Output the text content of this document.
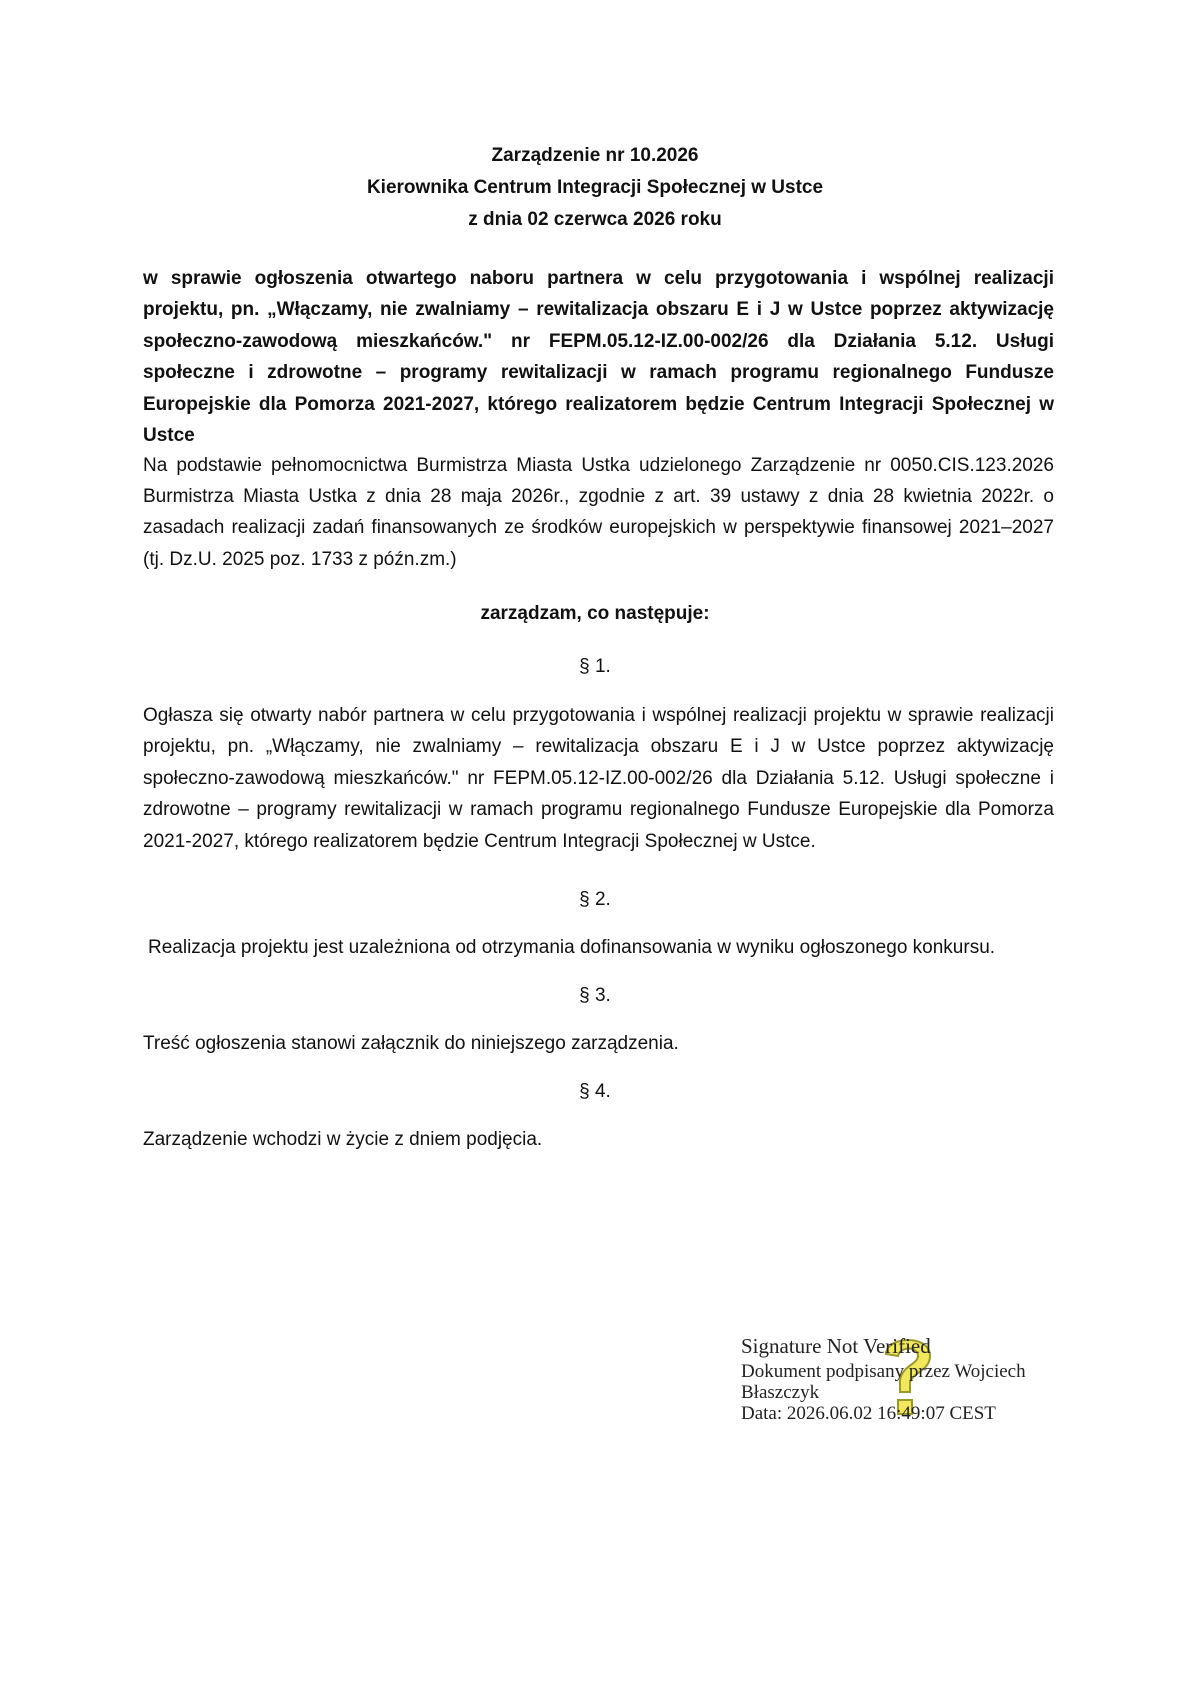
Zarządzenie nr 10.2026
Kierownika Centrum Integracji Społecznej w Ustce
z dnia 02 czerwca 2026 roku
w sprawie ogłoszenia otwartego naboru partnera w celu przygotowania i wspólnej realizacji projektu, pn. „Włączamy, nie zwalniamy – rewitalizacja obszaru E i J w Ustce poprzez aktywizację społeczno-zawodową mieszkańców." nr FEPM.05.12-IZ.00-002/26 dla Działania 5.12. Usługi społeczne i zdrowotne – programy rewitalizacji w ramach programu regionalnego Fundusze Europejskie dla Pomorza 2021-2027, którego realizatorem będzie Centrum Integracji Społecznej w Ustce
Na podstawie pełnomocnictwa Burmistrza Miasta Ustka udzielonego Zarządzenie nr 0050.CIS.123.2026 Burmistrza Miasta Ustka z dnia 28 maja 2026r., zgodnie z art. 39 ustawy z dnia 28 kwietnia 2022r. o zasadach realizacji zadań finansowanych ze środków europejskich w perspektywie finansowej 2021–2027 (tj. Dz.U. 2025 poz. 1733 z późn.zm.)
zarządzam, co następuje:
§ 1.
Ogłasza się otwarty nabór partnera w celu przygotowania i wspólnej realizacji projektu w sprawie realizacji projektu, pn. „Włączamy, nie zwalniamy – rewitalizacja obszaru E i J w Ustce poprzez aktywizację społeczno-zawodową mieszkańców." nr FEPM.05.12-IZ.00-002/26 dla Działania 5.12. Usługi społeczne i zdrowotne – programy rewitalizacji w ramach programu regionalnego Fundusze Europejskie dla Pomorza 2021-2027, którego realizatorem będzie Centrum Integracji Społecznej w Ustce.
§ 2.
Realizacja projektu jest uzależniona od otrzymania dofinansowania w wyniku ogłoszonego konkursu.
§ 3.
Treść ogłoszenia stanowi załącznik do niniejszego zarządzenia.
§ 4.
Zarządzenie wchodzi w życie z dniem podjęcia.
Signature Not Verified
Dokument podpisany przez Wojciech
Błaszczyk
Data: 2026.06.02 16:49:07 CEST
